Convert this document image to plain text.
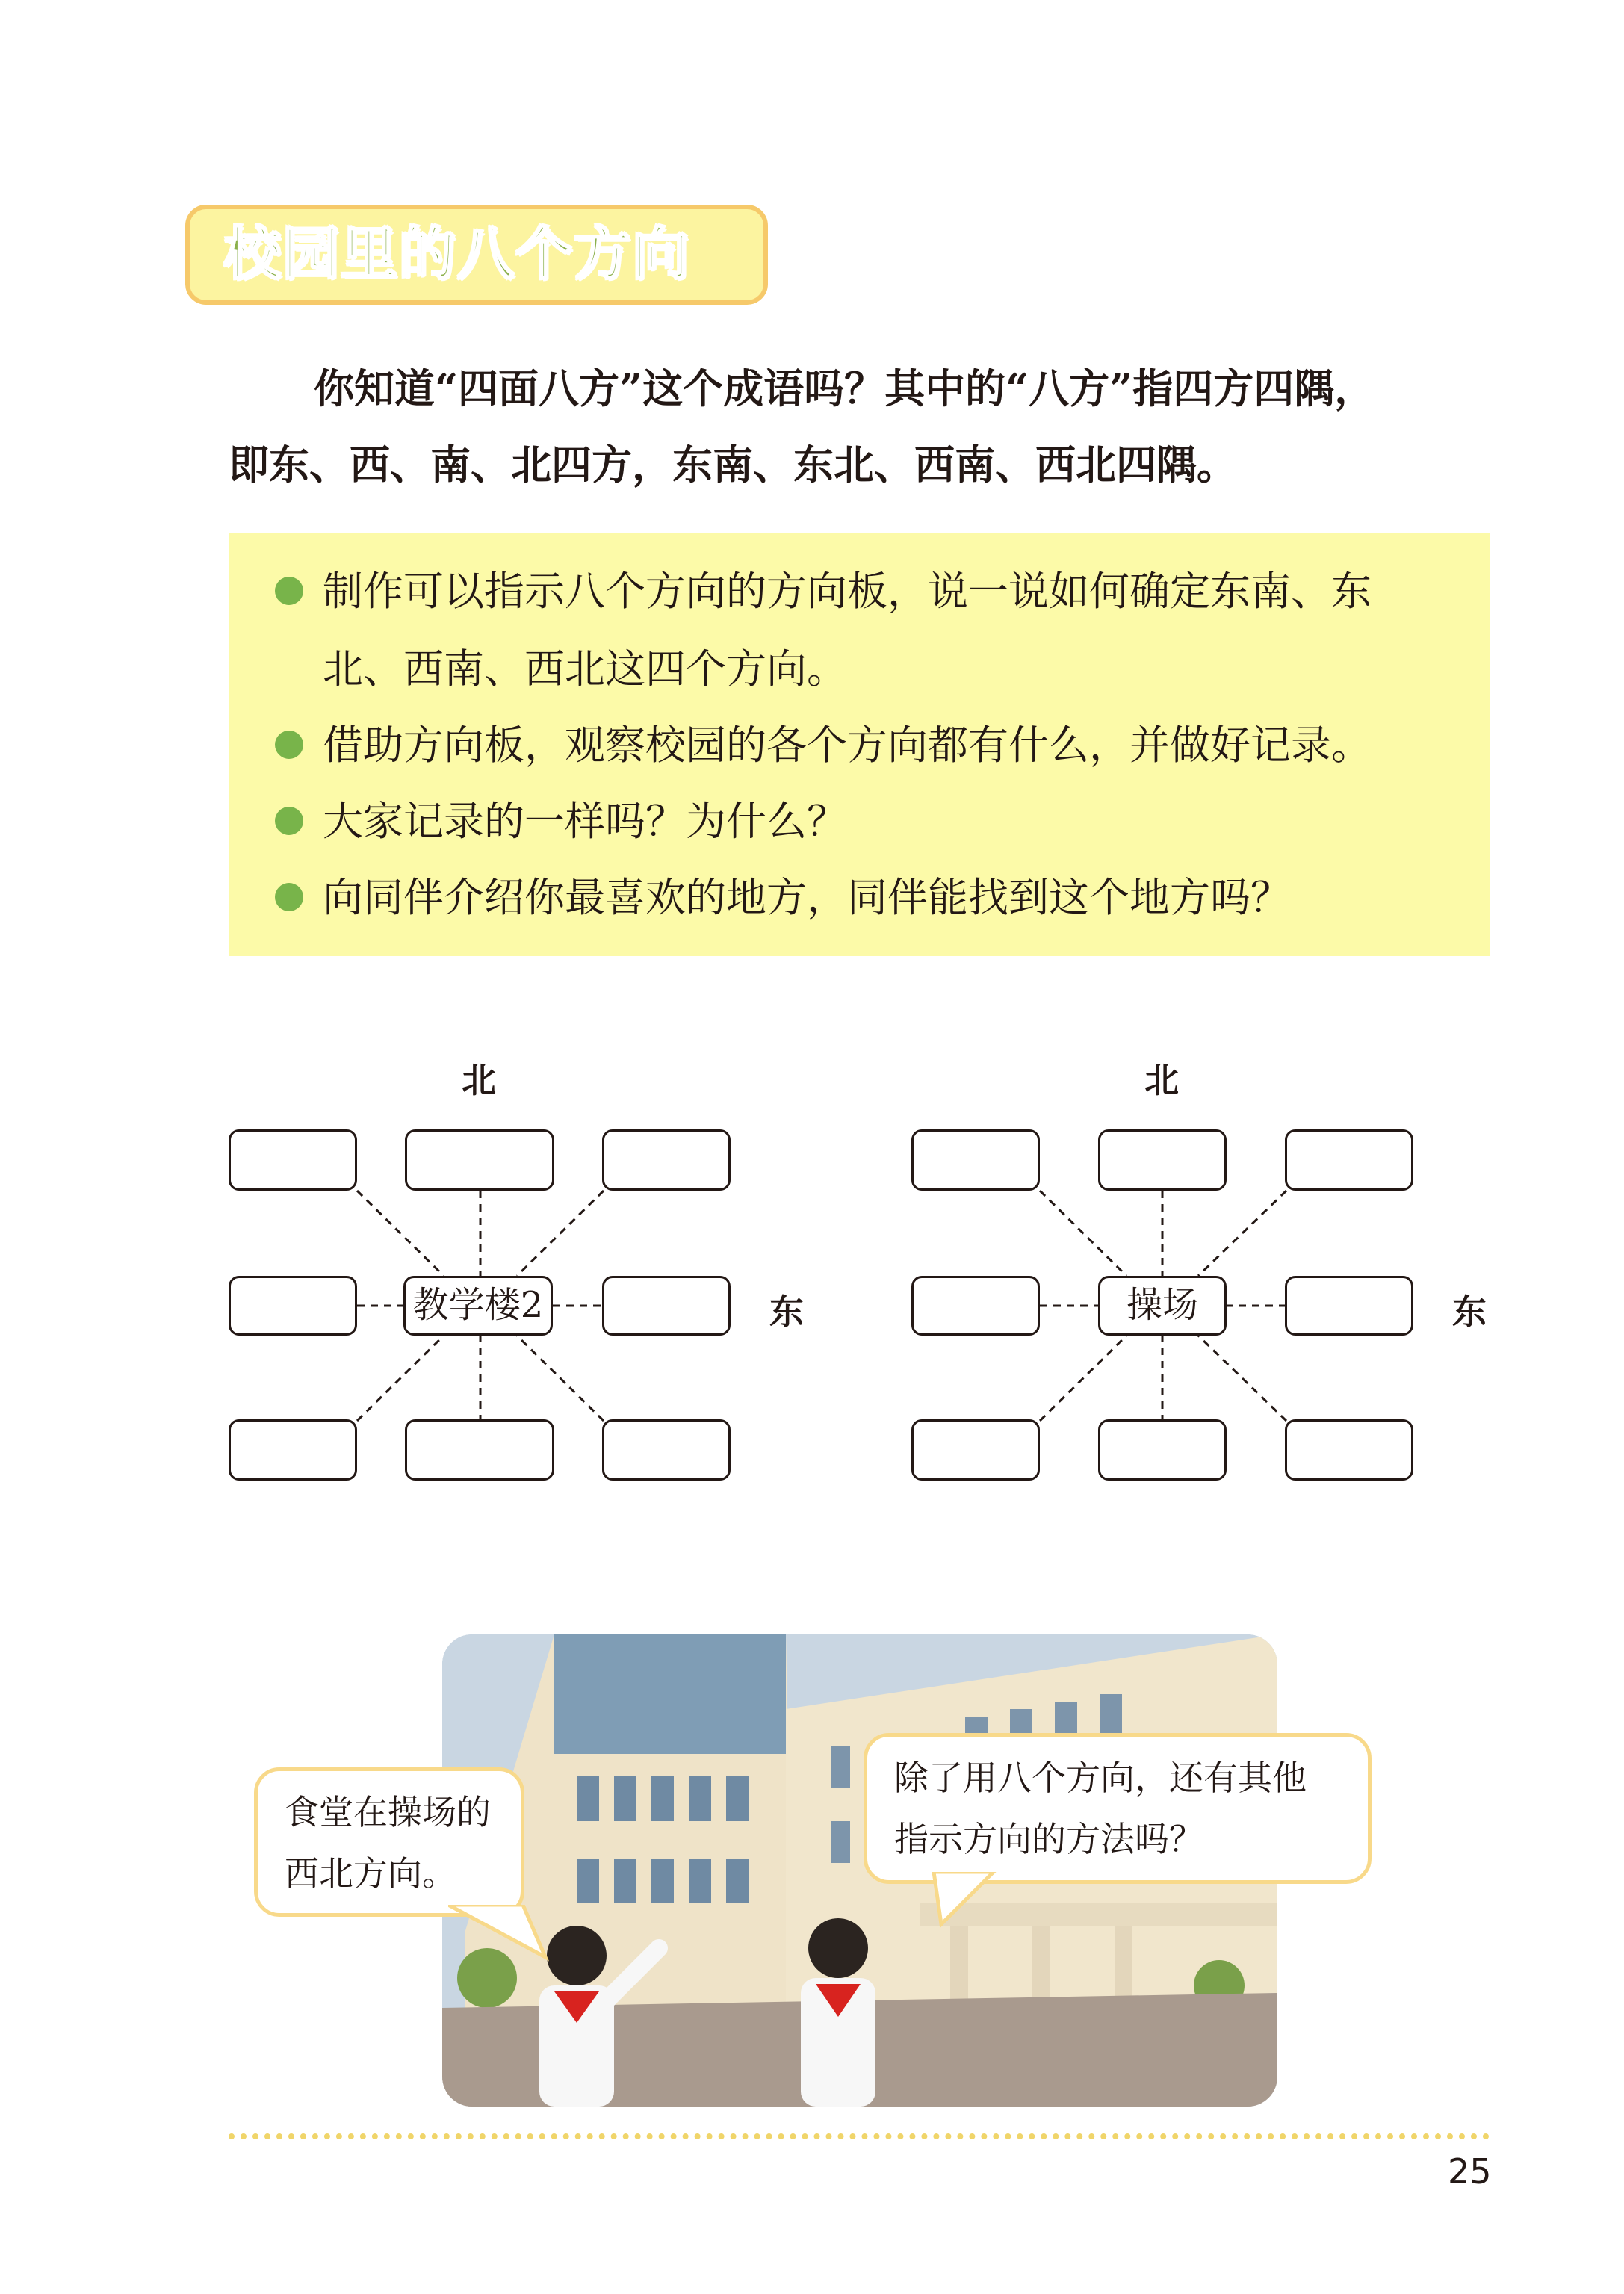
校园里的八个方向
你知道“四面八方”这个成语吗？其中的“八方”指四方四隅，
即东、西、南、北四方，东南、东北、西南、西北四隅。
制作可以指示八个方向的方向板，说一说如何确定东南、东
北、西南、西北这四个方向。
借助方向板，观察校园的各个方向都有什么，并做好记录。
大家记录的一样吗？为什么？
向同伴介绍你最喜欢的地方，同伴能找到这个地方吗？
北
东
教学楼2
北
东
操场
食堂在操场的
西北方向。
除了用八个方向，还有其他
指示方向的方法吗？
25
